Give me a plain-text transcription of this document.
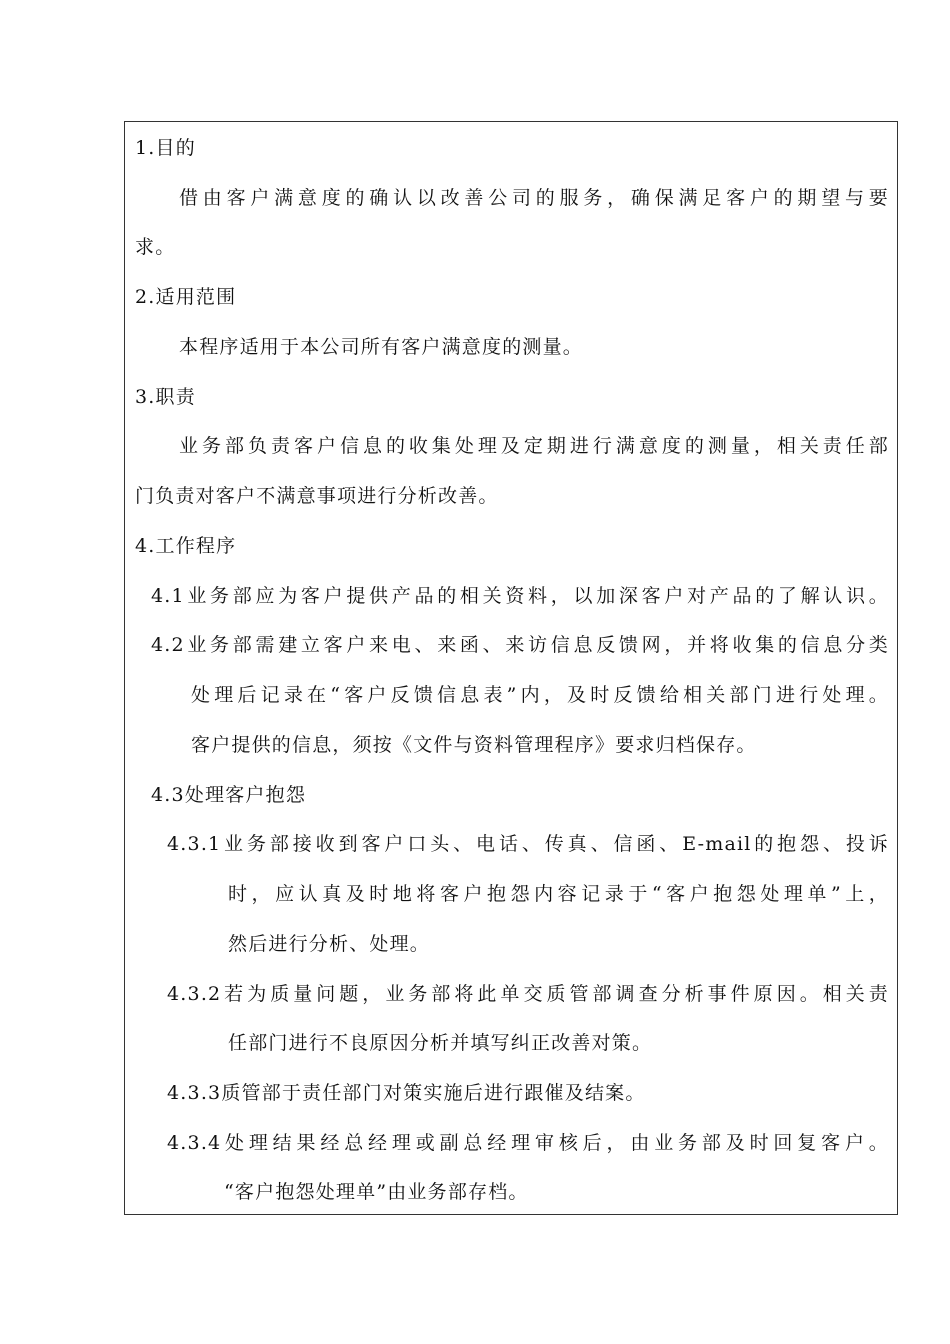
1.目的
借由客户满意度的确认以改善公司的服务，确保满足客户的期望与要
求。
2.适用范围
本程序适用于本公司所有客户满意度的测量。
3.职责
业务部负责客户信息的收集处理及定期进行满意度的测量，相关责任部
门负责对客户不满意事项进行分析改善。
4.工作程序
4.1业务部应为客户提供产品的相关资料，以加深客户对产品的了解认识。
4.2业务部需建立客户来电、来函、来访信息反馈网，并将收集的信息分类
处理后记录在“客户反馈信息表”内，及时反馈给相关部门进行处理。
客户提供的信息，须按《文件与资料管理程序》要求归档保存。
4.3处理客户抱怨
4.3.1业务部接收到客户口头、电话、传真、信函、E-mail的抱怨、投诉
时，应认真及时地将客户抱怨内容记录于“客户抱怨处理单”上，
然后进行分析、处理。
4.3.2若为质量问题，业务部将此单交质管部调查分析事件原因。相关责
任部门进行不良原因分析并填写纠正改善对策。
4.3.3质管部于责任部门对策实施后进行跟催及结案。
4.3.4处理结果经总经理或副总经理审核后，由业务部及时回复客户。
“客户抱怨处理单”由业务部存档。
